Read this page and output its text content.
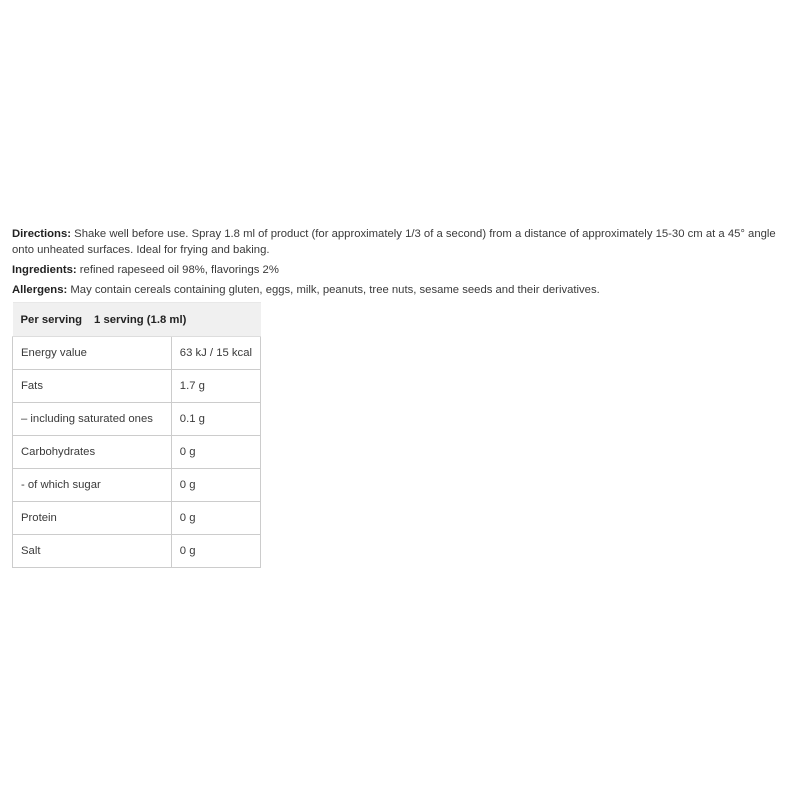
Directions: Shake well before use. Spray 1.8 ml of product (for approximately 1/3 of a second) from a distance of approximately 15-30 cm at a 45° angle onto unheated surfaces. Ideal for frying and baking.

Ingredients: refined rapeseed oil 98%, flavorings 2%

Allergens: May contain cereals containing gluten, eggs, milk, peanuts, tree nuts, sesame seeds and their derivatives.

Per serving 1 serving (1.8 ml)	
Energy value	63 kJ / 15 kcal
Fats	1.7 g
– including saturated ones	0.1 g
Carbohydrates	0 g
- of which sugar	0 g
Protein	0 g
Salt	0 g
